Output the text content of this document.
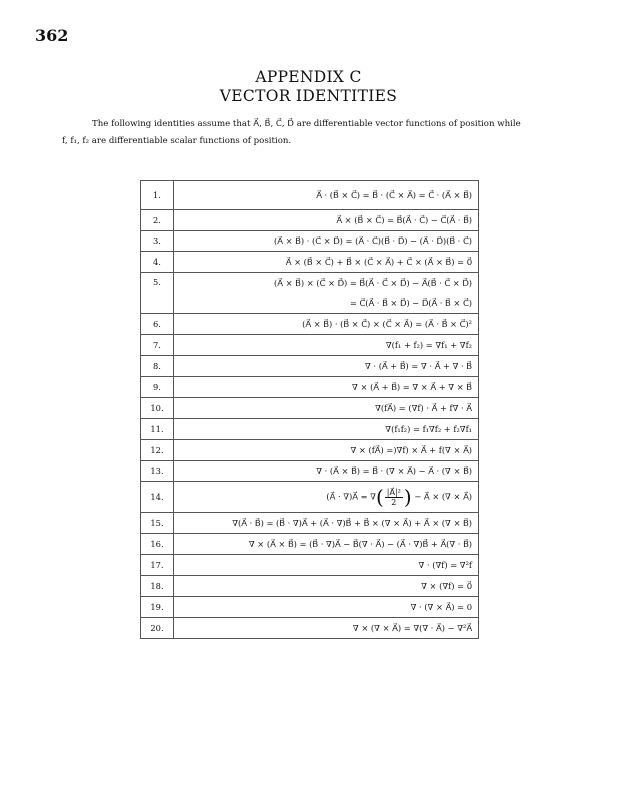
362
APPENDIX C
VECTOR IDENTITIES
The following identities assume that A⃗, B⃗, C⃗, D⃗ are differentiable vector functions of position while
f, f₁, f₂ are differentiable scalar functions of position.
1.	A⃗ · (B⃗ × C⃗) = B⃗ · (C⃗ × A⃗) = C⃗ · (A⃗ × B⃗)
2.	A⃗ × (B⃗ × C⃗) = B⃗(A⃗ · C⃗) − C⃗(A⃗ · B⃗)
3.	(A⃗ × B⃗) · (C⃗ × D⃗) = (A⃗ · C⃗)(B⃗ · D⃗) − (A⃗ · D⃗)(B⃗ · C⃗)
4.	A⃗ × (B⃗ × C⃗) + B⃗ × (C⃗ × A⃗) + C⃗ × (A⃗ × B⃗) = 0⃗
5.	(A⃗ × B⃗) × (C⃗ × D⃗) = B⃗(A⃗ · C⃗ × D⃗) − A⃗(B⃗ · C⃗ × D⃗)
= C⃗(A⃗ · B⃗ × D⃗) − D⃗(A⃗ · B⃗ × C⃗)

6.	(A⃗ × B⃗) · (B⃗ × C⃗) × (C⃗ × A⃗) = (A⃗ · B⃗ × C⃗)²
7.	∇(f₁ + f₂) = ∇f₁ + ∇f₂
8.	∇ · (A⃗ + B⃗) = ∇ · A⃗ + ∇ · B⃗
9.	∇ × (A⃗ + B⃗) = ∇ × A⃗ + ∇ × B⃗
10.	∇(fA⃗) = (∇f) · A⃗ + f∇ · A⃗
11.	∇(f₁f₂) = f₁∇f₂ + f₂∇f₁
12.	∇ × (fA⃗) =)∇f) × A⃗ + f(∇ × A⃗)
13.	∇ · (A⃗ × B⃗) = B⃗ · (∇ × A⃗) − A⃗ · (∇ × B⃗)
14.	(A⃗ · ∇)A⃗ = ∇( $\frac{\text{|A⃗|²}}{2}$ ) − A⃗ × (∇ × A⃗)
15.	∇(A⃗ · B⃗) = (B⃗ · ∇)A⃗ + (A⃗ · ∇)B⃗ + B⃗ × (∇ × A⃗) + A⃗ × (∇ × B⃗)
16.	∇ × (A⃗ × B⃗) = (B⃗ · ∇)A⃗ − B⃗(∇ · A⃗) − (A⃗ · ∇)B⃗ + A⃗(∇ · B⃗)
17.	∇ · (∇f) = ∇²f
18.	∇ × (∇f) = 0⃗
19.	∇ · (∇ × A⃗) = 0
20.	∇ × (∇ × A⃗) = ∇(∇ · A⃗) − ∇²A⃗
